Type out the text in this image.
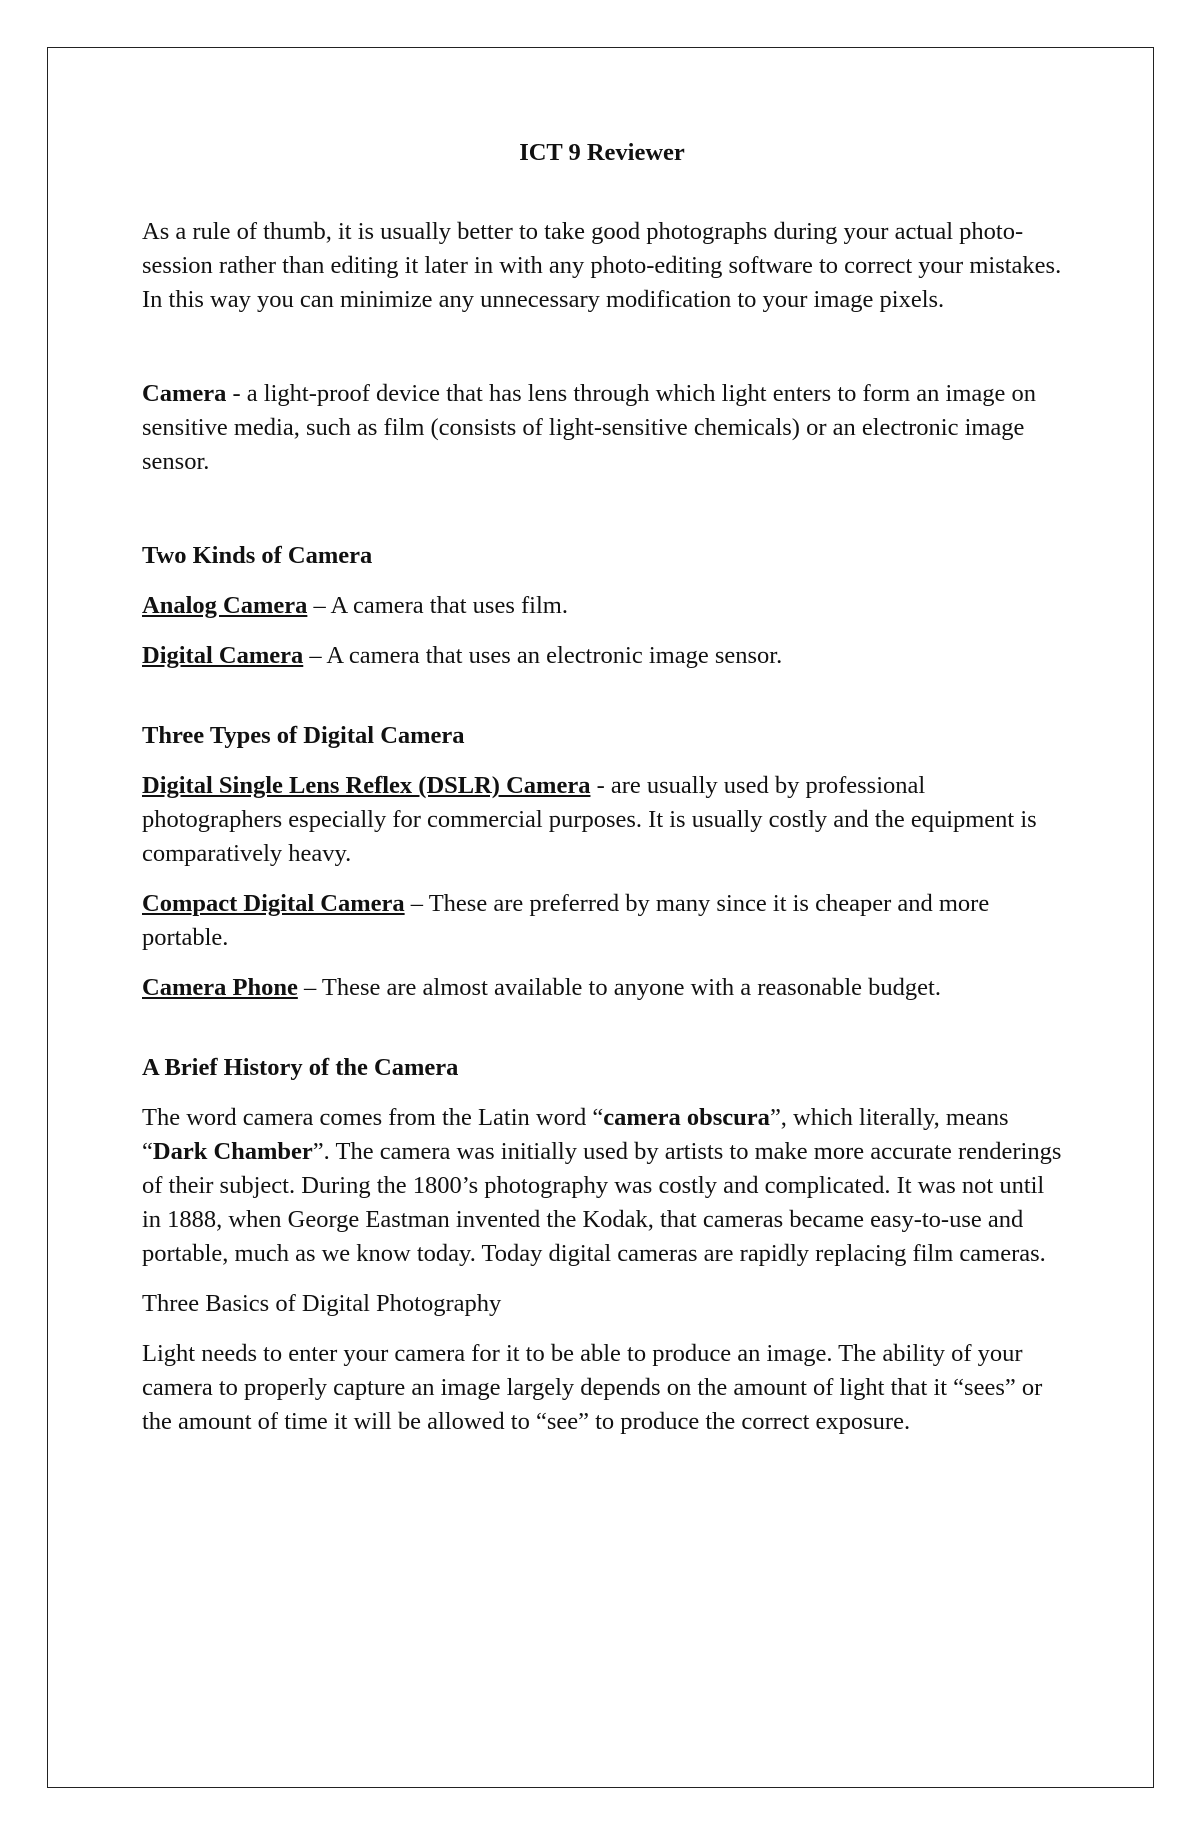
ICT 9 Reviewer

As a rule of thumb, it is usually better to take good photographs during your actual photo-session rather than editing it later in with any photo-editing software to correct your mistakes. In this way you can minimize any unnecessary modification to your image pixels.

Camera - a light-proof device that has lens through which light enters to form an image on sensitive media, such as film (consists of light-sensitive chemicals) or an electronic image sensor.

Two Kinds of Camera

Analog Camera – A camera that uses film.

Digital Camera – A camera that uses an electronic image sensor.

Three Types of Digital Camera

Digital Single Lens Reflex (DSLR) Camera - are usually used by professional photographers especially for commercial purposes. It is usually costly and the equipment is comparatively heavy.

Compact Digital Camera – These are preferred by many since it is cheaper and more portable.

Camera Phone – These are almost available to anyone with a reasonable budget.

A Brief History of the Camera

The word camera comes from the Latin word “camera obscura”, which literally, means “Dark Chamber”. The camera was initially used by artists to make more accurate renderings of their subject. During the 1800’s photography was costly and complicated. It was not until in 1888, when George Eastman invented the Kodak, that cameras became easy-to-use and portable, much as we know today. Today digital cameras are rapidly replacing film cameras.

Three Basics of Digital Photography

Light needs to enter your camera for it to be able to produce an image. The ability of your camera to properly capture an image largely depends on the amount of light that it “sees” or the amount of time it will be allowed to “see” to produce the correct exposure.
